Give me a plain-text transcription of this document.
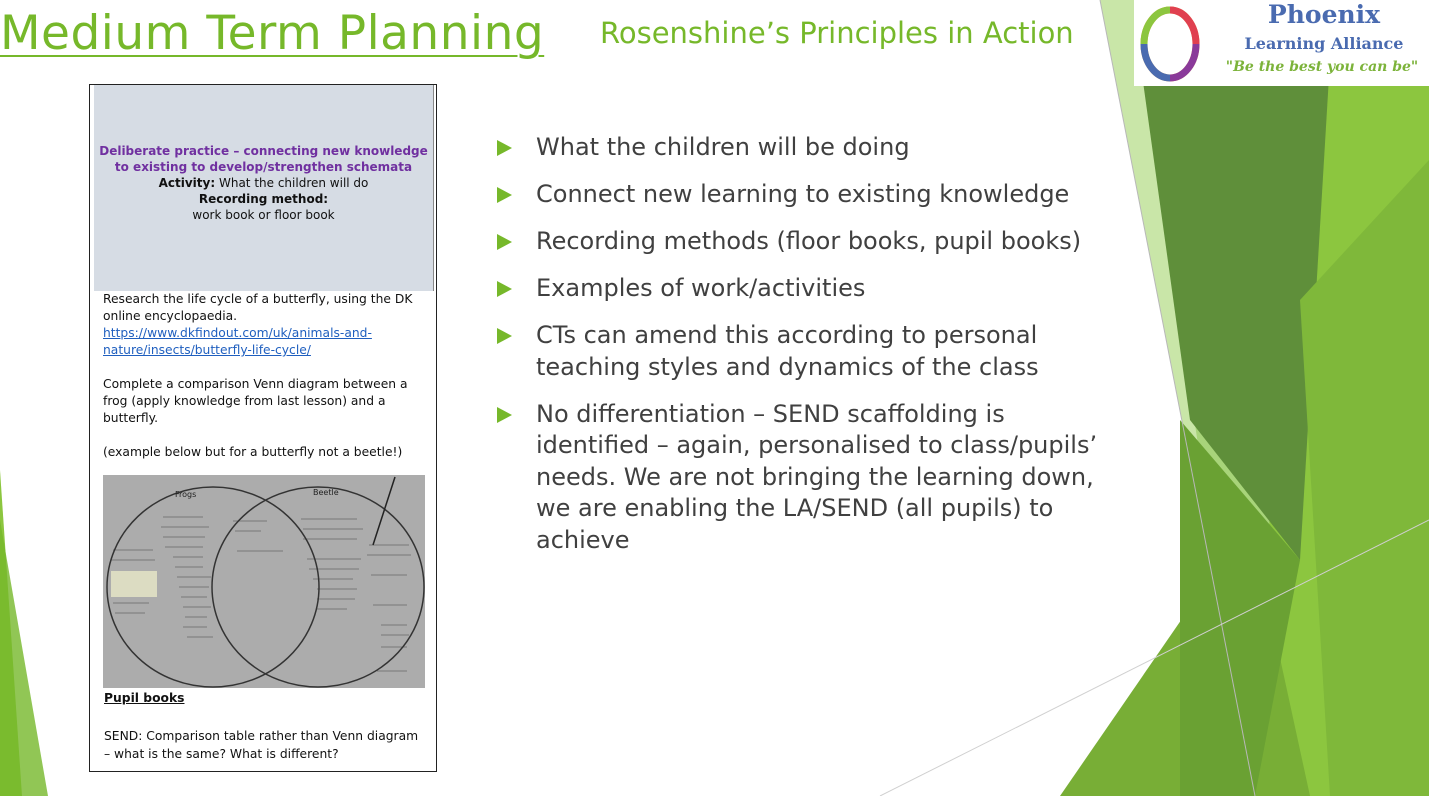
Medium Term Planning Rosenshine’s Principles in Action
Phoenix
Learning Alliance
"Be the best you can be"
Deliberate practice – connecting new knowledge
to existing to develop/strengthen schemata
Activity: What the children will do
Recording method:
work book or floor book

Research the life cycle of a butterfly, using the DK

online encyclopaedia.

https://www.dkfindout.com/uk/animals-and-

nature/insects/butterfly-life-cycle/

Complete a comparison Venn diagram between a

frog (apply knowledge from last lesson) and a

butterfly.

(example below but for a butterfly not a beetle!)

Frogs	Beetle
Pupil books
SEND: Comparison table rather than Venn diagram
– what is the same? What is different?
What the children will be doing
Connect new learning to existing knowledge
Recording methods (floor books, pupil books)
Examples of work/activities
CTs can amend this according to personal teaching styles and dynamics of the class
No differentiation – SEND scaffolding is identified – again, personalised to class/pupils’ needs. We are not bringing the learning down, we are enabling the LA/SEND (all pupils) to achieve
